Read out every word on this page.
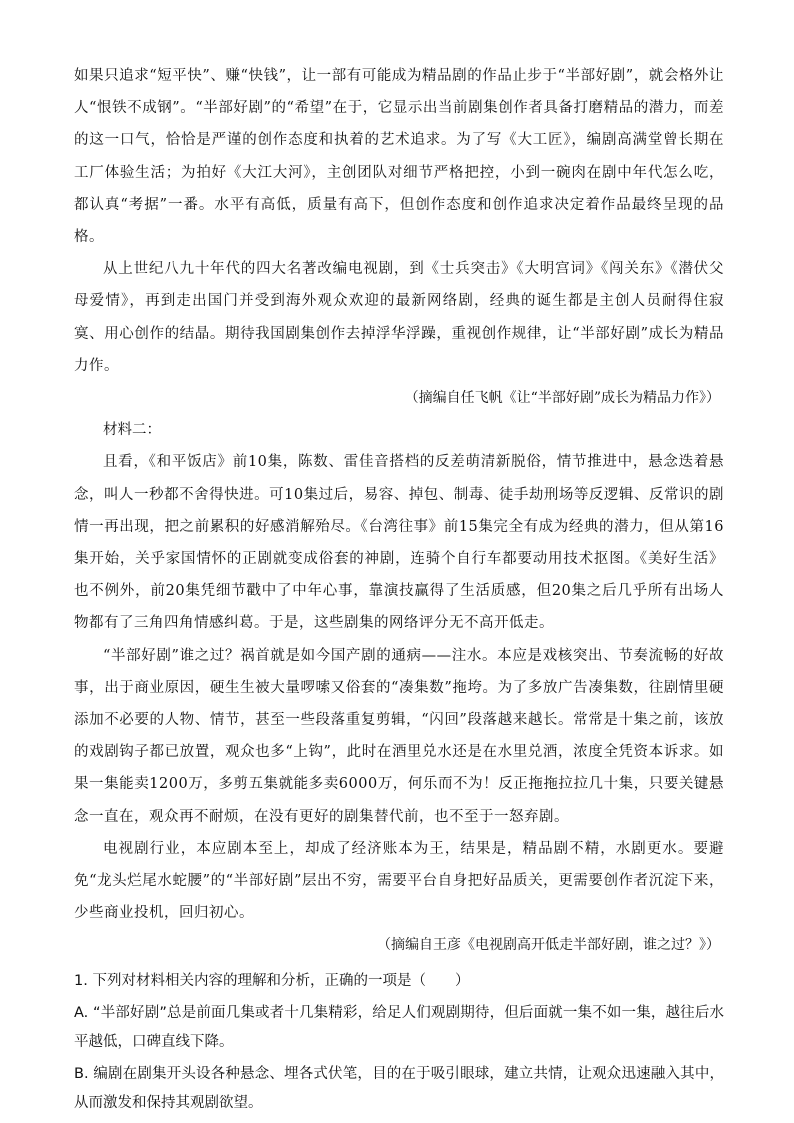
如果只追求“短平快”、赚“快钱”，让一部有可能成为精品剧的作品止步于“半部好剧”，就会格外让人“恨铁不成钢”。“半部好剧”的“希望”在于，它显示出当前剧集创作者具备打磨精品的潜力，而差的这一口气，恰恰是严谨的创作态度和执着的艺术追求。为了写《大工匠》，编剧高满堂曾长期在工厂体验生活；为拍好《大江大河》，主创团队对细节严格把控，小到一碗肉在剧中年代怎么吃，都认真“考据”一番。水平有高低，质量有高下，但创作态度和创作追求决定着作品最终呈现的品格。

从上世纪八九十年代的四大名著改编电视剧，到《士兵突击》《大明宫词》《闯关东》《潜伏父母爱情》，再到走出国门并受到海外观众欢迎的最新网络剧，经典的诞生都是主创人员耐得住寂寞、用心创作的结晶。期待我国剧集创作去掉浮华浮躁，重视创作规律，让“半部好剧”成长为精品力作。

（摘编自任飞帆《让“半部好剧”成长为精品力作》）

材料二：

且看，《和平饭店》前10集，陈数、雷佳音搭档的反差萌清新脱俗，情节推进中，悬念迭着悬念，叫人一秒都不舍得快进。可10集过后，易容、掉包、制毒、徒手劫刑场等反逻辑、反常识的剧情一再出现，把之前累积的好感消解殆尽。《台湾往事》前15集完全有成为经典的潜力，但从第16集开始，关乎家国情怀的正剧就变成俗套的神剧，连骑个自行车都要动用技术抠图。《美好生活》也不例外，前20集凭细节戳中了中年心事，靠演技赢得了生活质感，但20集之后几乎所有出场人物都有了三角四角情感纠葛。于是，这些剧集的网络评分无不高开低走。

“半部好剧”谁之过？祸首就是如今国产剧的通病——注水。本应是戏核突出、节奏流畅的好故事，出于商业原因，硬生生被大量啰嗦又俗套的“凑集数”拖垮。为了多放广告凑集数，往剧情里硬添加不必要的人物、情节，甚至一些段落重复剪辑，“闪回”段落越来越长。常常是十集之前，该放的戏剧钩子都已放置，观众也多“上钩”，此时在酒里兑水还是在水里兑酒，浓度全凭资本诉求。如果一集能卖1200万，多剪五集就能多卖6000万，何乐而不为！反正拖拖拉拉几十集，只要关键悬念一直在，观众再不耐烦，在没有更好的剧集替代前，也不至于一怒弃剧。

电视剧行业，本应剧本至上，却成了经济账本为王，结果是，精品剧不精，水剧更水。要避免“龙头烂尾水蛇腰”的“半部好剧”层出不穷，需要平台自身把好品质关，更需要创作者沉淀下来，少些商业投机，回归初心。

（摘编自王彦《电视剧高开低走半部好剧，谁之过？》）

1. 下列对材料相关内容的理解和分析，正确的一项是（　　）

A. “半部好剧”总是前面几集或者十几集精彩，给足人们观剧期待，但后面就一集不如一集，越往后水平越低，口碑直线下降。

B. 编剧在剧集开头设各种悬念、埋各式伏笔，目的在于吸引眼球，建立共情，让观众迅速融入其中，从而激发和保持其观剧欲望。
